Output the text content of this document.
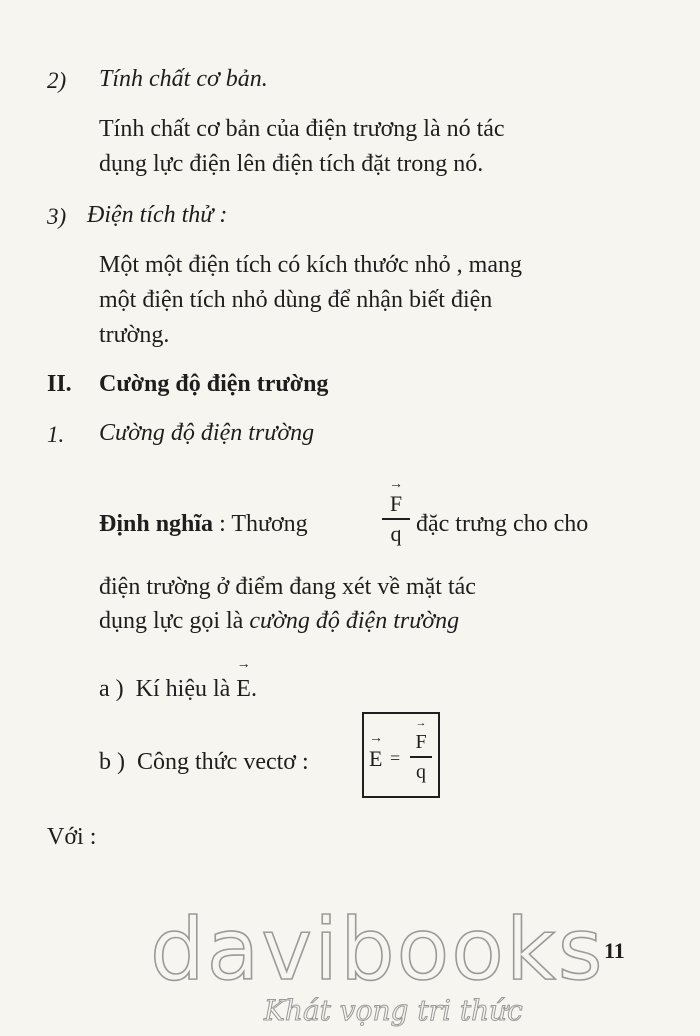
2) Tính chất cơ bản.
Tính chất cơ bản của điện trương là nó tác
dụng lực điện lên điện tích đặt trong nó.
3) Điện tích thử :
Một một điện tích có kích thước nhỏ , mang
một điện tích nhỏ dùng để nhận biết điện
trường.
II. Cường độ điện trường
1. Cường độ điện trường
Định nghĩa : Thương
→
F
q đặc trưng cho cho
điện trường ở điểm đang xét về mặt tác
dụng lực gọi là cường độ điện trường
a ) Kí hiệu là
→
E.
b ) Công thức vectơ :
→
E =
→
F
q
Với :
11
davibooks
Khát vọng tri thức
